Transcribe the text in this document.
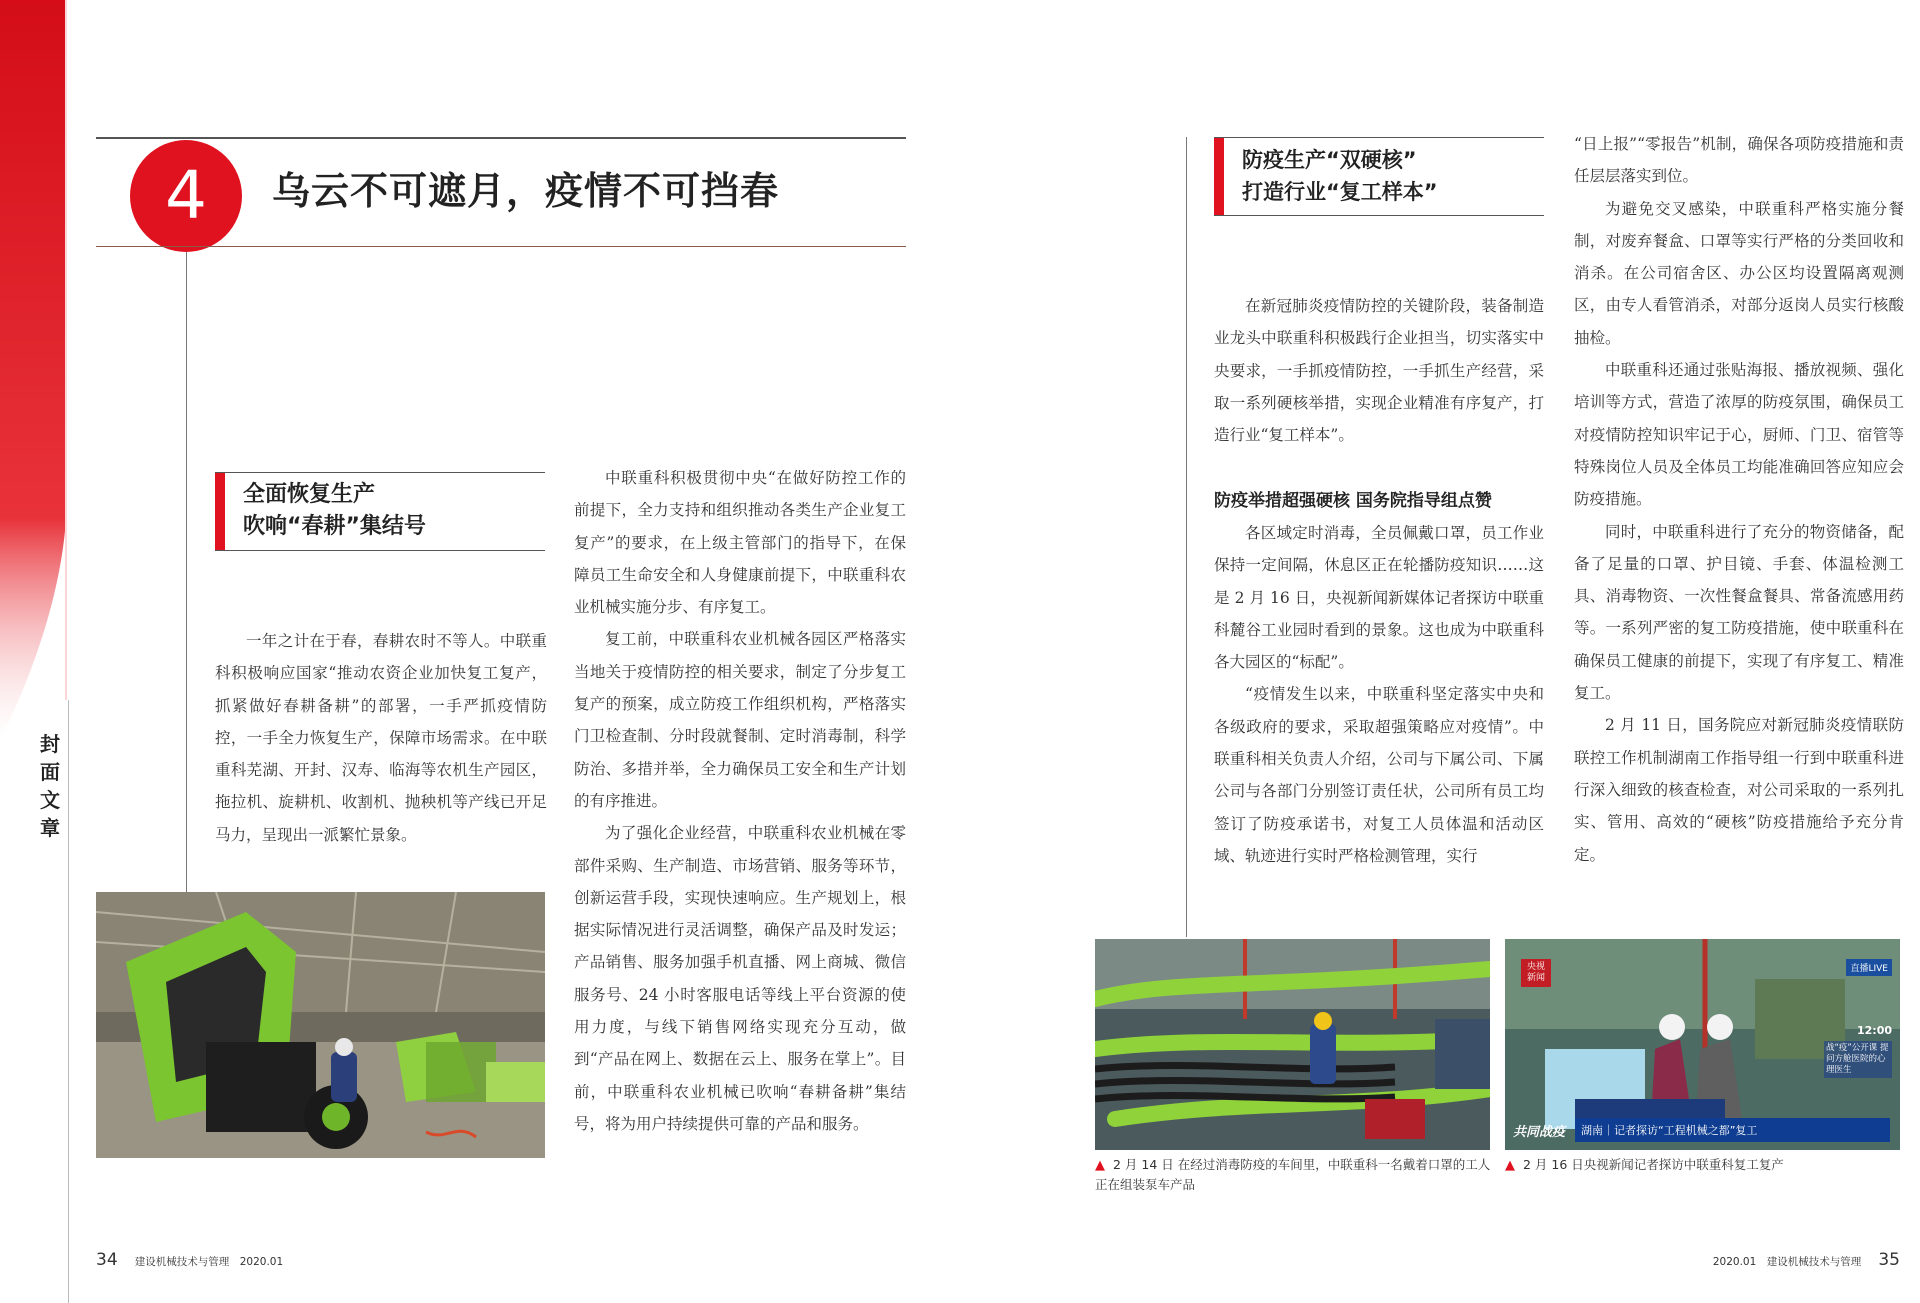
封面文章
4	乌云不可遮月，疫情不可挡春
全面恢复生产
吹响“春耕”集结号

一年之计在于春，春耕农时不等人。中联重科积极响应国家“推动农资企业加快复工复产，抓紧做好春耕备耕”的部署，一手严抓疫情防控，一手全力恢复生产，保障市场需求。在中联重科芜湖、开封、汉寿、临海等农机生产园区，拖拉机、旋耕机、收割机、抛秧机等产线已开足马力，呈现出一派繁忙景象。

中联重科积极贯彻中央“在做好防控工作的前提下，全力支持和组织推动各类生产企业复工复产”的要求，在上级主管部门的指导下，在保障员工生命安全和人身健康前提下，中联重科农业机械实施分步、有序复工。

复工前，中联重科农业机械各园区严格落实当地关于疫情防控的相关要求，制定了分步复工复产的预案，成立防疫工作组织机构，严格落实门卫检查制、分时段就餐制、定时消毒制，科学防治、多措并举，全力确保员工安全和生产计划的有序推进。

为了强化企业经营，中联重科农业机械在零部件采购、生产制造、市场营销、服务等环节，创新运营手段，实现快速响应。生产规划上，根据实际情况进行灵活调整，确保产品及时发运；产品销售、服务加强手机直播、网上商城、微信服务号、24 小时客服电话等线上平台资源的使用力度，与线下销售网络实现充分互动，做到“产品在网上、数据在云上、服务在掌上”。目前，中联重科农业机械已吹响“春耕备耕”集结号，将为用户持续提供可靠的产品和服务。

34 建设机械技术与管理　2020.01
防疫生产“双硬核”
打造行业“复工样本”

在新冠肺炎疫情防控的关键阶段，装备制造业龙头中联重科积极践行企业担当，切实落实中央要求，一手抓疫情防控，一手抓生产经营，采取一系列硬核举措，实现企业精准有序复产，打造行业“复工样本”。

防疫举措超强硬核 国务院指导组点赞

各区域定时消毒，全员佩戴口罩，员工作业保持一定间隔，休息区正在轮播防疫知识……这是 2 月 16 日，央视新闻新媒体记者探访中联重科麓谷工业园时看到的景象。这也成为中联重科各大园区的“标配”。

“疫情发生以来，中联重科坚定落实中央和各级政府的要求，采取超强策略应对疫情”。中联重科相关负责人介绍，公司与下属公司、下属公司与各部门分别签订责任状，公司所有员工均签订了防疫承诺书，对复工人员体温和活动区域、轨迹进行实时严格检测管理，实行

“日上报”“零报告”机制，确保各项防疫措施和责任层层落实到位。

为避免交叉感染，中联重科严格实施分餐制，对废弃餐盒、口罩等实行严格的分类回收和消杀。在公司宿舍区、办公区均设置隔离观测区，由专人看管消杀，对部分返岗人员实行核酸抽检。

中联重科还通过张贴海报、播放视频、强化培训等方式，营造了浓厚的防疫氛围，确保员工对疫情防控知识牢记于心，厨师、门卫、宿管等特殊岗位人员及全体员工均能准确回答应知应会防疫措施。

同时，中联重科进行了充分的物资储备，配备了足量的口罩、护目镜、手套、体温检测工具、消毒物资、一次性餐盒餐具、常备流感用药等。一系列严密的复工防疫措施，使中联重科在确保员工健康的前提下，实现了有序复工、精准复工。

2 月 11 日，国务院应对新冠肺炎疫情联防联控工作机制湖南工作指导组一行到中联重科进行深入细致的核查检查，对公司采取的一系列扎实、管用、高效的“硬核”防疫措施给予充分肯定。

央视
新闻
直播LIVE
12:00
战“疫”公开课 提问方舱医院的心理医生
共同战疫	湖南｜记者探访“工程机械之都”复工
▲ 2 月 14 日 在经过消毒防疫的车间里，中联重科一名戴着口罩的工人正在组装泵车产品
▲ 2 月 16 日央视新闻记者探访中联重科复工复产
2020.01　建设机械技术与管理 35
